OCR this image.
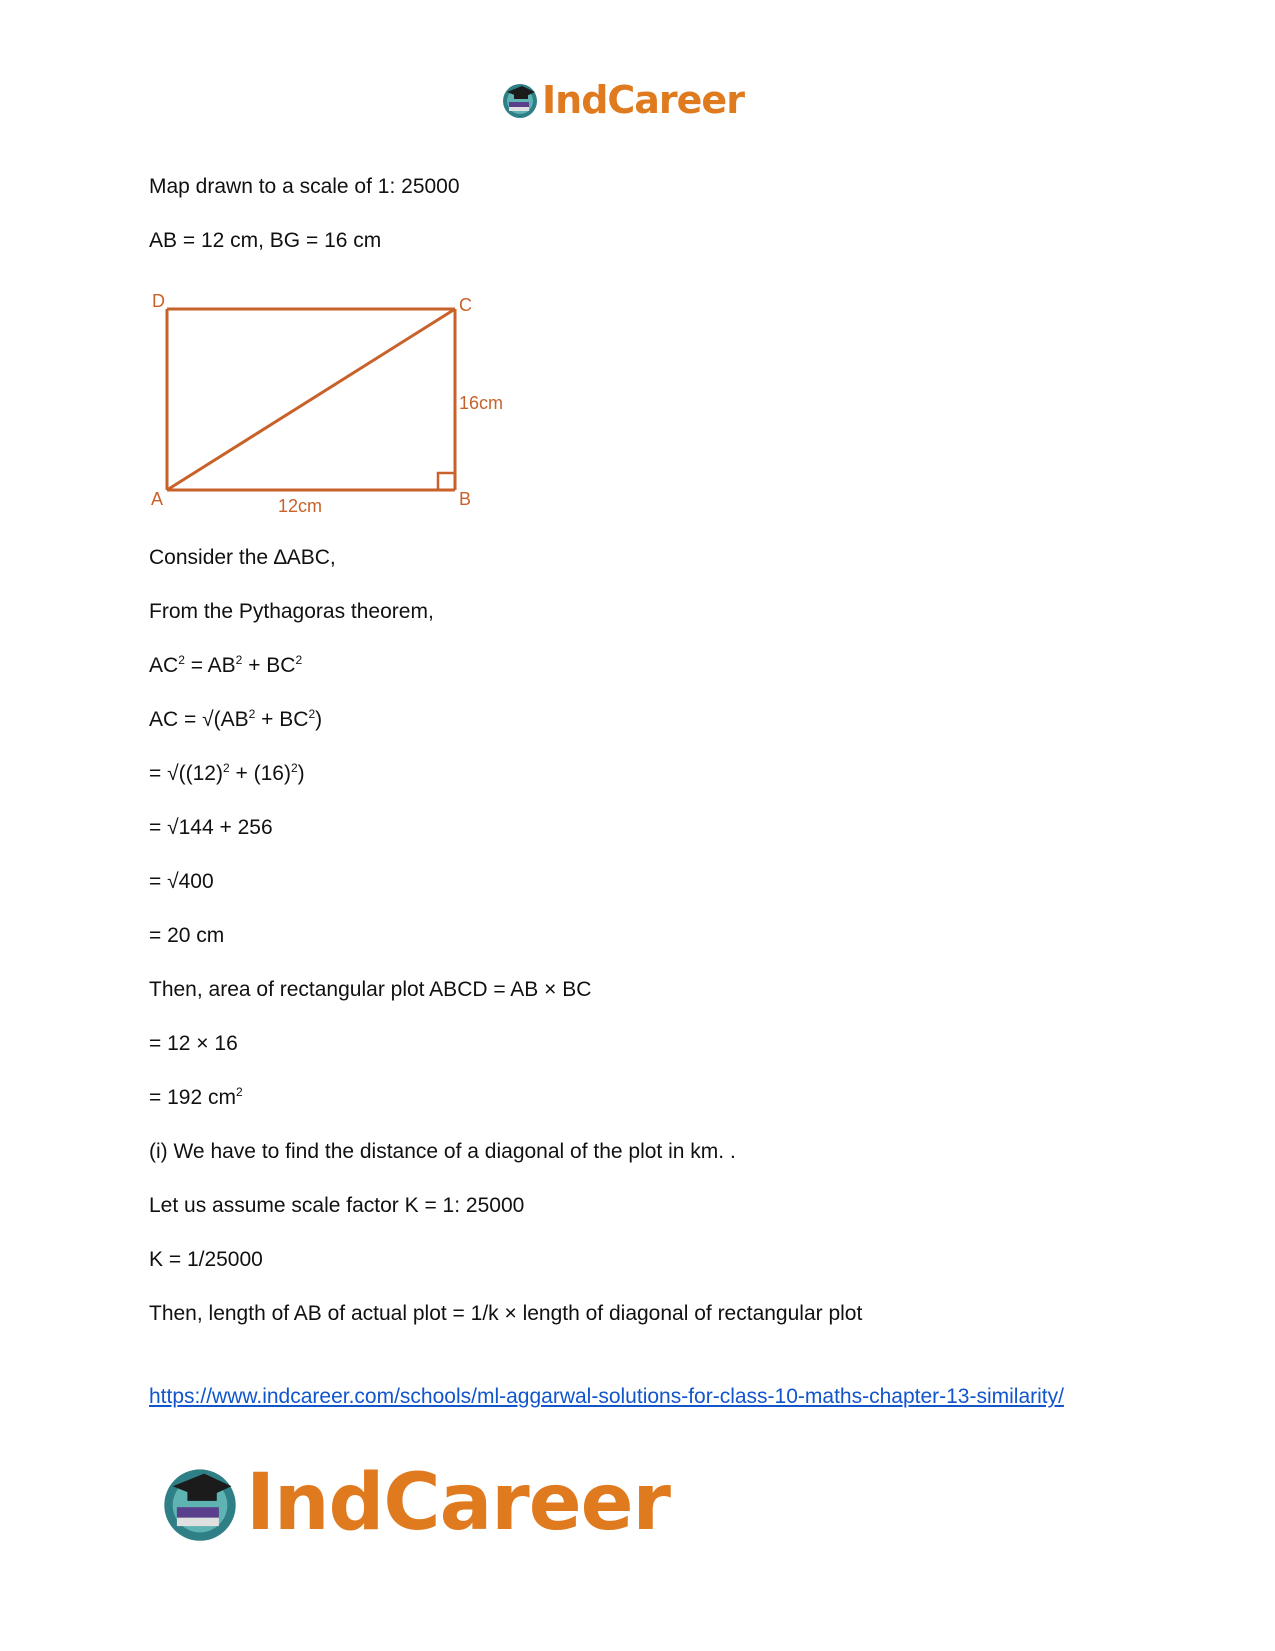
IndCareer
Map drawn to a scale of 1: 25000
AB = 12 cm, BG = 16 cm
D	C
A	B
12cm
16cm
Consider the ∆ABC,
From the Pythagoras theorem,
$AC^2 = AB^2 + BC^2$
AC = $√(AB^2 + BC^2)$
= $√((12)^2 + (16)^2)$
= √144 + 256
= √400
= 20 cm
Then, area of rectangular plot ABCD = AB × BC
= 12 × 16
= 192 $cm^2$
(i) We have to find the distance of a diagonal of the plot in km. .
Let us assume scale factor K = 1: 25000
K = 1/25000
Then, length of AB of actual plot = 1/k × length of diagonal of rectangular plot
https://www.indcareer.com/schools/ml-aggarwal-solutions-for-class-10-maths-chapter-13-similarity/
IndCareer
